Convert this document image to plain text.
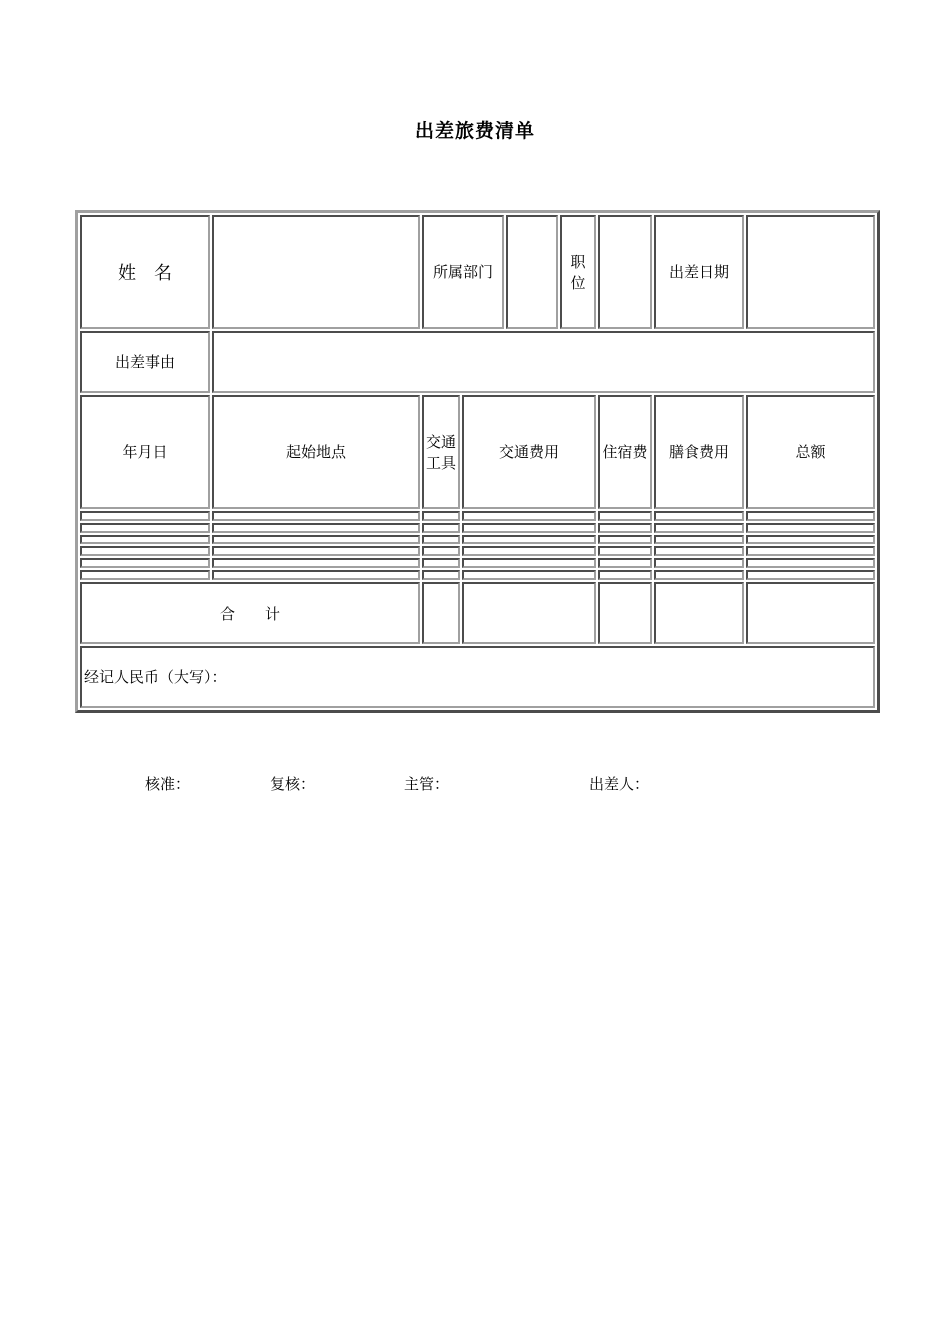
出差旅费清单
姓　名		所属部门			职 位		出差日期	
出差事由								
年月日	起始地点	交通工具	交通费用			住宿费	膳食费用	总额

合　　计								
经记人民币（大写）：								
核准：	复核：	主管：	出差人：
